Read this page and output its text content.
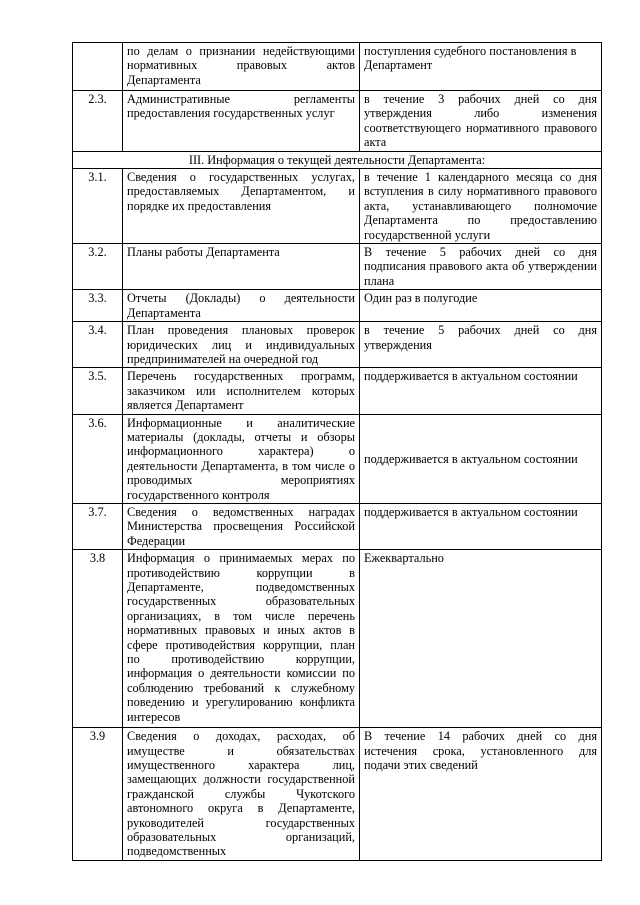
	по делам о признании недействующими нормативных правовых актов Департамента	поступления судебного постановления в Департамент
2.3.	Административные регламенты предоставления государственных услуг	в течение 3 рабочих дней со дня утверждения либо изменения соответствующего нормативного правового акта
III. Информация о текущей деятельности Департамента:		
3.1.	Сведения о государственных услугах, предоставляемых Департаментом, и порядке их предоставления	в течение 1 календарного месяца со дня вступления в силу нормативного правового акта, устанавливающего полномочие Департамента по предоставлению государственной услуги
3.2.	Планы работы Департамента	В течение 5 рабочих дней со дня подписания правового акта об утверждении плана
3.3.	Отчеты (Доклады) о деятельности Департамента	Один раз в полугодие
3.4.	План проведения плановых проверок юридических лиц и индивидуальных предпринимателей на очередной год	в течение 5 рабочих дней со дня утверждения
3.5.	Перечень государственных программ, заказчиком или исполнителем которых является Департамент	поддерживается в актуальном состоянии
3.6.	Информационные и аналитические материалы (доклады, отчеты и обзоры информационного характера) о деятельности Департамента, в том числе о проводимых мероприятиях государственного контроля	поддерживается в актуальном состоянии
3.7.	Сведения о ведомственных наградах Министерства просвещения Российской Федерации	поддерживается в актуальном состоянии
3.8	Информация о принимаемых мерах по противодействию коррупции в Департаменте, подведомственных государственных образовательных организациях, в том числе перечень нормативных правовых и иных актов в сфере противодействия коррупции, план по противодействию коррупции, информация о деятельности комиссии по соблюдению требований к служебному поведению и урегулированию конфликта интересов	Ежеквартально
3.9	Сведения о доходах, расходах, об имуществе и обязательствах имущественного характера лиц, замещающих должности государственной гражданской службы Чукотского автономного округа в Департаменте, руководителей государственных образовательных организаций, подведомственных	В течение 14 рабочих дней со дня истечения срока, установленного для подачи этих сведений
